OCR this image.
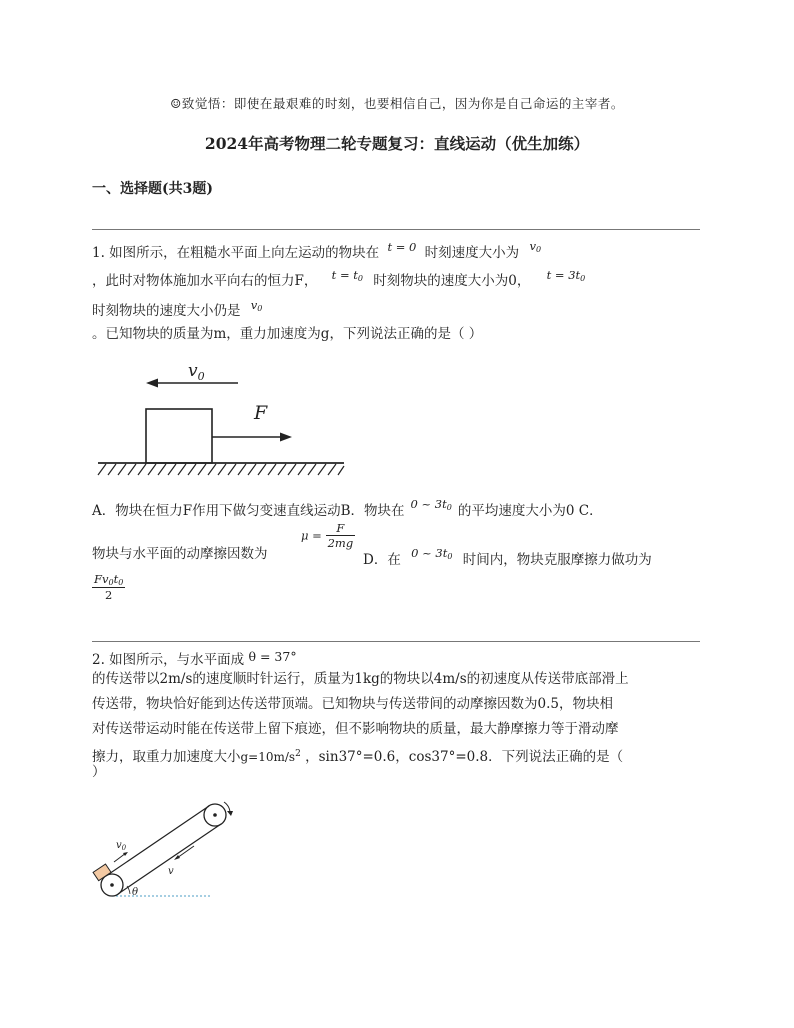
☺致觉悟：即使在最艰难的时刻，也要相信自己，因为你是自己命运的主宰者。
2024年高考物理二轮专题复习：直线运动（优生加练）
一、选择题(共3题)
1. 如图所示，在粗糙水平面上向左运动的物块在 t = 0 时刻速度大小为 $v_0$
，此时对物体施加水平向右的恒力F， $t = t_0$ 时刻物块的速度大小为0， $t = 3t_0$
时刻物块的速度大小仍是 $v_0$
。已知物块的质量为m，重力加速度为g，下列说法正确的是（ ）
$v_0$
F
A．物块在恒力F作用下做匀变速直线运动B．物块在 0 ~ $3t_0$ 的平均速度大小为0 C．
物块与水平面的动摩擦因数为
$\mu = \frac{F}{2mg}$
D．在 0 ~ $3t_0$ 时间内，物块克服摩擦力做功为
$\frac{Fv_0t_0}{2}$
2. 如图所示，与水平面成 θ = 37°
的传送带以2m/s的速度顺时针运行，质量为1kg的物块以4m/s的初速度从传送带底部滑上
传送带，物块恰好能到达传送带顶端。已知物块与传送带间的动摩擦因数为0.5，物块相
对传送带运动时能在传送带上留下痕迹，但不影响物块的质量，最大静摩擦力等于滑动摩
擦力，取重力加速度大小$g=10m/s^2$ ，sin37°=0.6，cos37°=0.8．下列说法正确的是（
）
$v_0$
v
θ
